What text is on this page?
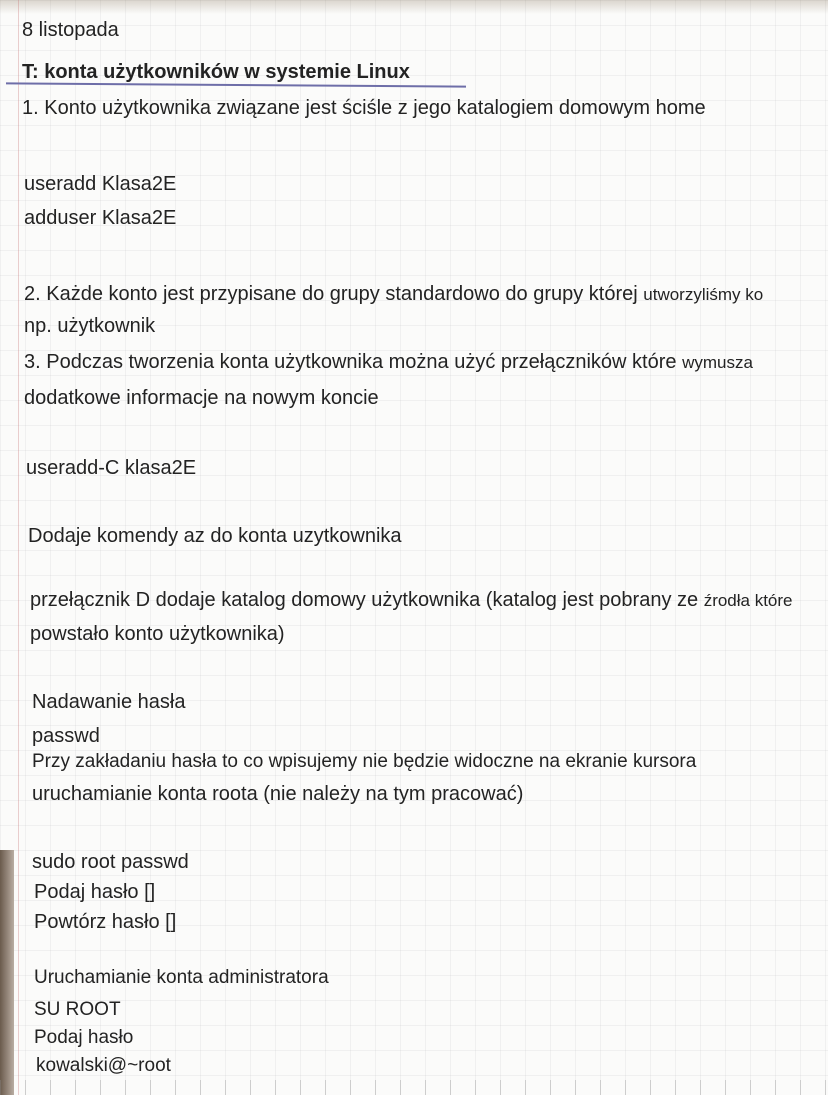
8 listopada

T: konta użytkowników w systemie Linux

1. Konto użytkownika związane jest ściśle z jego katalogiem domowym home

useradd Klasa2E

adduser Klasa2E

2. Każde konto jest przypisane do grupy standardowo do grupy której utworzyliśmy ko

np. użytkownik

3. Podczas tworzenia konta użytkownika można użyć przełączników które wymusza

dodatkowe informacje na nowym koncie

useradd-C klasa2E

Dodaje komendy az do konta uzytkownika

przełącznik D dodaje katalog domowy użytkownika (katalog jest pobrany ze źrodła które

powstało konto użytkownika)

Nadawanie hasła

passwd

Przy zakładaniu hasła to co wpisujemy nie będzie widoczne na ekranie kursora

uruchamianie konta roota (nie należy na tym pracować)

sudo root passwd

Podaj hasło []

Powtórz hasło []

Uruchamianie konta administratora

SU ROOT

Podaj hasło

kowalski@~root
